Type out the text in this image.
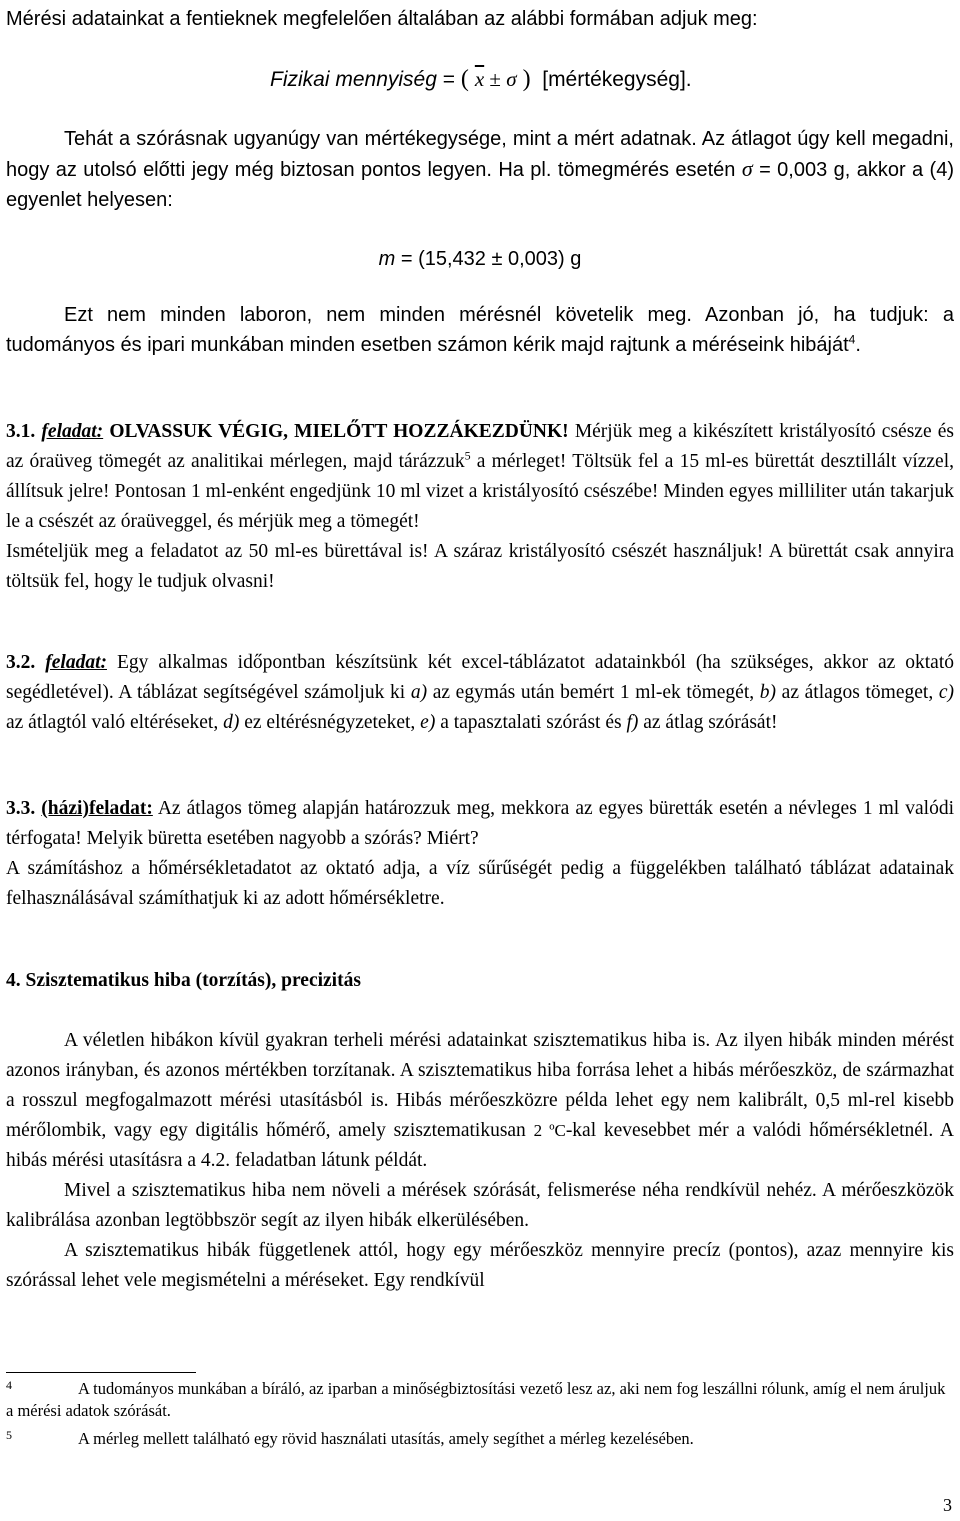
Mérési adatainkat a fentieknek megfelelően általában az alábbi formában adjuk meg:

Fizikai mennyiség = ( $\overline{x} \pm \sigma$ ) [mértékegység].

Tehát a szórásnak ugyanúgy van mértékegysége, mint a mért adatnak. Az átlagot úgy kell megadni, hogy az utolsó előtti jegy még biztosan pontos legyen. Ha pl. tömegmérés esetén σ = 0,003 g, akkor a (4) egyenlet helyesen:

m = (15,432 ± 0,003) g

Ezt nem minden laboron, nem minden mérésnél követelik meg. Azonban jó, ha tudjuk: a tudományos és ipari munkában minden esetben számon kérik majd rajtunk a méréseink hibáját$^4$.

3.1. feladat: OLVASSUK VÉGIG, MIELŐTT HOZZÁKEZDÜNK! Mérjük meg a kikészített kristályosító csésze és az óraüveg tömegét az analitikai mérlegen, majd tárázzuk$^5$ a mérleget! Töltsük fel a 15 ml-es bürettát desztillált vízzel, állítsuk jelre! Pontosan 1 ml-enként engedjünk 10 ml vizet a kristályosító csészébe! Minden egyes milliliter után takarjuk le a csészét az óraüveggel, és mérjük meg a tömegét!

Ismételjük meg a feladatot az 50 ml-es bürettával is! A száraz kristályosító csészét használjuk! A bürettát csak annyira töltsük fel, hogy le tudjuk olvasni!

3.2. feladat: Egy alkalmas időpontban készítsünk két excel-táblázatot adatainkból (ha szükséges, akkor az oktató segédletével). A táblázat segítségével számoljuk ki a) az egymás után bemért 1 ml-ek tömegét, b) az átlagos tömeget, c) az átlagtól való eltéréseket, d) ez eltérésnégyzeteket, e) a tapasztalati szórást és f) az átlag szórását!

3.3. (házi)feladat: Az átlagos tömeg alapján határozzuk meg, mekkora az egyes büretták esetén a névleges 1 ml valódi térfogata! Melyik büretta esetében nagyobb a szórás? Miért?

A számításhoz a hőmérsékletadatot az oktató adja, a víz sűrűségét pedig a függelékben található táblázat adatainak felhasználásával számíthatjuk ki az adott hőmérsékletre.

4. Szisztematikus hiba (torzítás), precizitás

A véletlen hibákon kívül gyakran terheli mérési adatainkat szisztematikus hiba is. Az ilyen hibák minden mérést azonos irányban, és azonos mértékben torzítanak. A szisztematikus hiba forrása lehet a hibás mérőeszköz, de származhat a rosszul megfogalmazott mérési utasításból is. Hibás mérőeszközre példa lehet egy nem kalibrált, 0,5 ml-rel kisebb mérőlombik, vagy egy digitális hőmérő, amely szisztematikusan 2 ºC-kal kevesebbet mér a valódi hőmérsékletnél. A hibás mérési utasításra a 4.2. feladatban látunk példát.

Mivel a szisztematikus hiba nem növeli a mérések szórását, felismerése néha rendkívül nehéz. A mérőeszközök kalibrálása azonban legtöbbször segít az ilyen hibák elkerülésében.

A szisztematikus hibák függetlenek attól, hogy egy mérőeszköz mennyire precíz (pontos), azaz mennyire kis szórással lehet vele megismételni a méréseket. Egy rendkívül

4	A tudományos munkában a bíráló, az iparban a minőségbiztosítási vezető lesz az, aki nem fog leszállni rólunk, amíg el nem áruljuk a mérési adatok szórását.

5	A mérleg mellett található egy rövid használati utasítás, amely segíthet a mérleg kezelésében.

3
